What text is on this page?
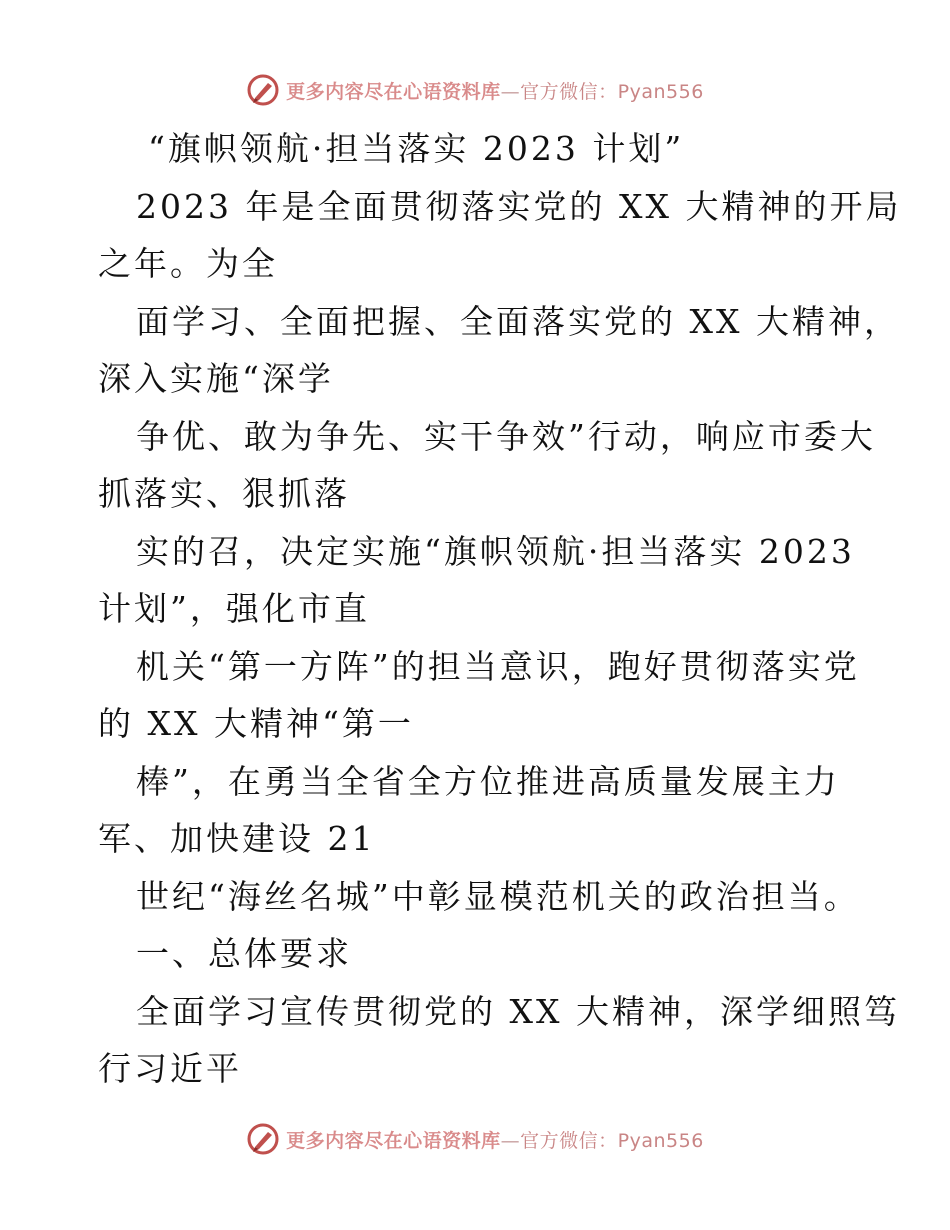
更多内容尽在心语资料库—官方微信：Pyan556
“旗帜领航·担当落实 2023 计划”
2023 年是全面贯彻落实党的 XX 大精神的开局
之年。为全
面学习、全面把握、全面落实党的 XX 大精神，
深入实施“深学
争优、敢为争先、实干争效”行动，响应市委大
抓落实、狠抓落
实的召，决定实施“旗帜领航·担当落实 2023
计划”，强化市直
机关“第一方阵”的担当意识，跑好贯彻落实党
的 XX 大精神“第一
棒”，在勇当全省全方位推进高质量发展主力
军、加快建设 21
世纪“海丝名城”中彰显模范机关的政治担当。
一、总体要求
全面学习宣传贯彻党的 XX 大精神，深学细照笃
行习近平
更多内容尽在心语资料库—官方微信：Pyan556
